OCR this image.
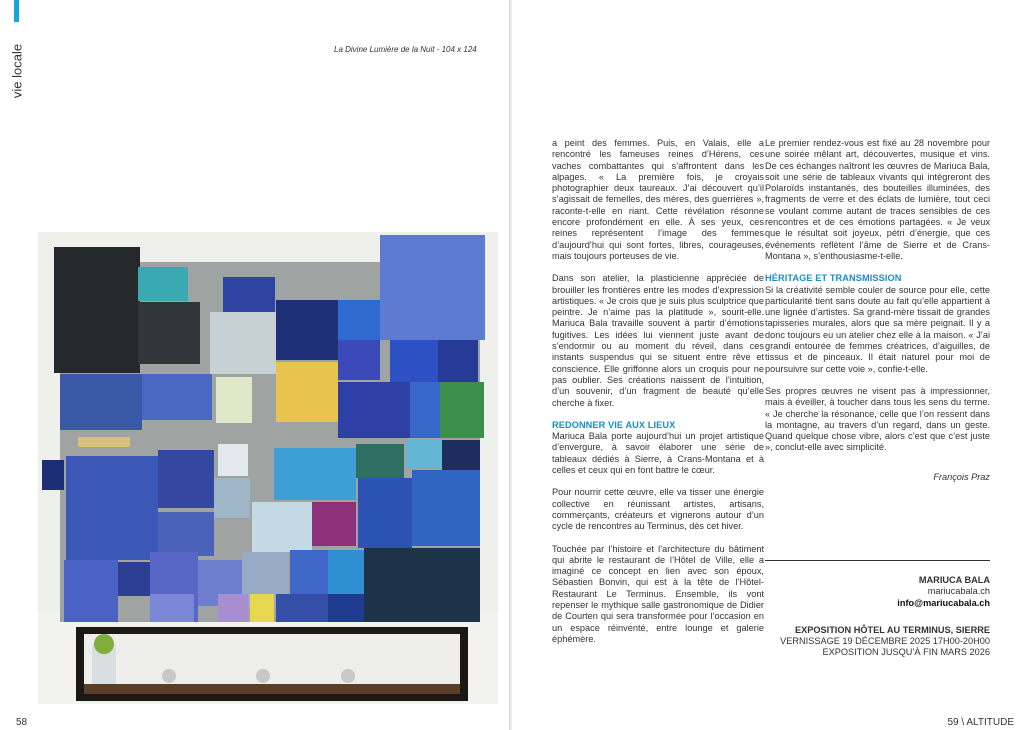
vie locale	La Divine Lumière de la Nuit - 104 x 124
58

a peint des femmes. Puis, en Valais, elle a rencontré les fameuses reines d’Hérens, ces vaches combattantes qui s’affrontent dans les alpages. « La première fois, je croyais photographier deux taureaux. J’ai découvert qu’il s’agissait de femelles, des mères, des guerrières », raconte-t-elle en riant. Cette révélation résonne encore profondément en elle. À ses yeux, ces reines représentent l’image des femmes d’aujourd’hui qui sont fortes, libres, courageuses, mais toujours porteuses de vie.

Dans son atelier, la plasticienne appréciée de brouiller les frontières entre les modes d’expression artistiques. « Je crois que je suis plus sculptrice que peintre. Je n’aime pas la platitude », sourit-elle. Mariuca Bala travaille souvent à partir d’émotions fugitives. Les idées lui viennent juste avant de s’endormir ou au moment du réveil, dans ces instants suspendus qui se situent entre rêve et conscience. Elle griffonne alors un croquis pour ne pas oublier. Ses créations naissent de l’intuition, d’un souvenir, d’un fragment de beauté qu’elle cherche à fixer.

REDONNER VIE AUX LIEUX

Mariuca Bala porte aujourd’hui un projet artistique d’envergure, à savoir élaborer une série de tableaux dédiés à Sierre, à Crans-Montana et à celles et ceux qui en font battre le cœur.

Pour nourrir cette œuvre, elle va tisser une énergie collective en réunissant artistes, artisans, commerçants, créateurs et vignerons autour d’un cycle de rencontres au Terminus, dès cet hiver.

Touchée par l’histoire et l’architecture du bâtiment qui abrite le restaurant de l’Hôtel de Ville, elle a imaginé ce concept en lien avec son époux, Sébastien Bonvin, qui est à la tête de l’Hôtel-Restaurant Le Terminus. Ensemble, ils vont repenser le mythique salle gastronomique de Didier de Courten qui sera transformée pour l’occasion en un espace réinventé, entre lounge et galerie éphémère.

Le premier rendez-vous est fixé au 28 novembre pour une soirée mêlant art, découvertes, musique et vins. De ces échanges naîtront les œuvres de Mariuca Bala, soit une série de tableaux vivants qui intègreront des Polaroïds instantanés, des bouteilles illuminées, des fragments de verre et des éclats de lumière, tout ceci se voulant comme autant de traces sensibles de ces rencontres et de ces émotions partagées. « Je veux que le résultat soit joyeux, pétri d’énergie, que ces événements reflètent l’âme de Sierre et de Crans-Montana », s’enthousiasme-t-elle.

HÉRITAGE ET TRANSMISSION

Si la créativité semble couler de source pour elle, cette particularité tient sans doute au fait qu’elle appartient à une lignée d’artistes. Sa grand-mère tissait de grandes tapisseries murales, alors que sa mère peignait. Il y a donc toujours eu un atelier chez elle à la maison. « J’ai grandi entourée de femmes créatrices, d’aiguilles, de tissus et de pinceaux. Il était naturel pour moi de poursuivre sur cette voie », confie-t-elle.

Ses propres œuvres ne visent pas à impressionner, mais à éveiller, à toucher dans tous les sens du terme. « Je cherche la résonance, celle que l’on ressent dans la montagne, au travers d’un regard, dans un geste. Quand quelque chose vibre, alors c’est que c’est juste », conclut-elle avec simplicité.

François Praz
MARIUCA BALA
mariucabala.ch
info@mariucabala.ch
EXPOSITION HÔTEL AU TERMINUS, SIERRE
VERNISSAGE 19 DÉCEMBRE 2025 17H00-20H00
EXPOSITION JUSQU’À FIN MARS 2026
59 \ ALTITUDE
